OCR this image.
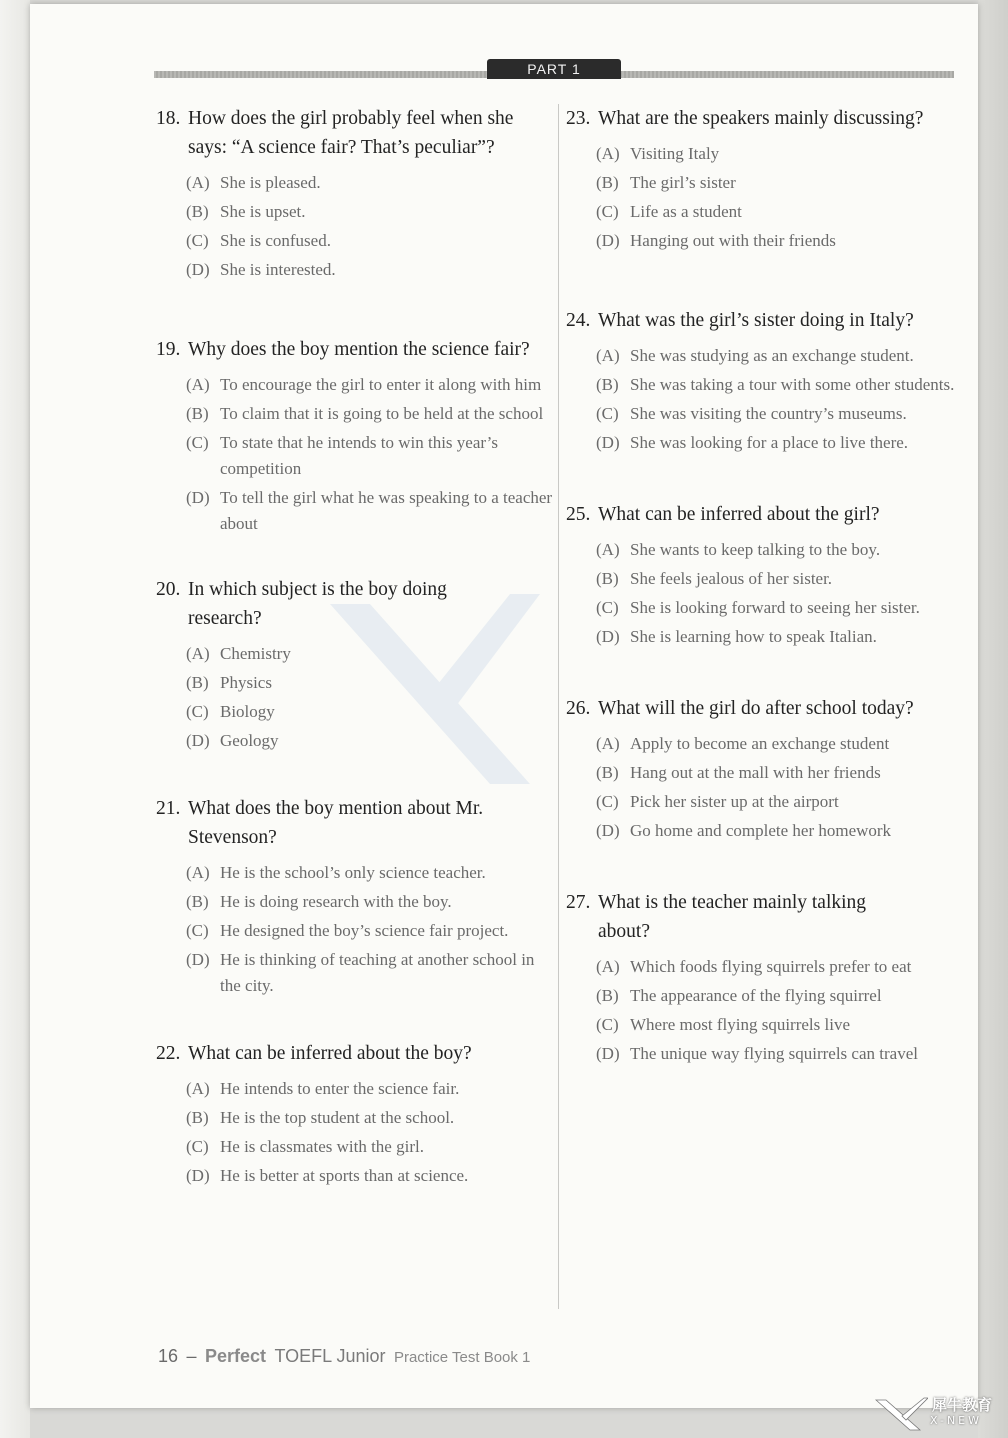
PART 1
18. How does the girl probably feel when she says: “A science fair? That’s peculiar”?
(A) She is pleased.
(B) She is upset.
(C) She is confused.
(D) She is interested.
19. Why does the boy mention the science fair?
(A) To encourage the girl to enter it along with him
(B) To claim that it is going to be held at the school
(C) To state that he intends to win this year’s competition
(D) To tell the girl what he was speaking to a teacher about
20. In which subject is the boy doing research?
(A) Chemistry
(B) Physics
(C) Biology
(D) Geology
21. What does the boy mention about Mr. Stevenson?
(A) He is the school’s only science teacher.
(B) He is doing research with the boy.
(C) He designed the boy’s science fair project.
(D) He is thinking of teaching at another school in the city.
22. What can be inferred about the boy?
(A) He intends to enter the science fair.
(B) He is the top student at the school.
(C) He is classmates with the girl.
(D) He is better at sports than at science.
23. What are the speakers mainly discussing?
(A) Visiting Italy
(B) The girl’s sister
(C) Life as a student
(D) Hanging out with their friends
24. What was the girl’s sister doing in Italy?
(A) She was studying as an exchange student.
(B) She was taking a tour with some other students.
(C) She was visiting the country’s museums.
(D) She was looking for a place to live there.
25. What can be inferred about the girl?
(A) She wants to keep talking to the boy.
(B) She feels jealous of her sister.
(C) She is looking forward to seeing her sister.
(D) She is learning how to speak Italian.
26. What will the girl do after school today?
(A) Apply to become an exchange student
(B) Hang out at the mall with her friends
(C) Pick her sister up at the airport
(D) Go home and complete her homework
27. What is the teacher mainly talking about?
(A) Which foods flying squirrels prefer to eat
(B) The appearance of the flying squirrel
(C) Where most flying squirrels live
(D) The unique way flying squirrels can travel
16 – Perfect TOEFL Junior Practice Test Book 1
犀牛教育
X-NEW
